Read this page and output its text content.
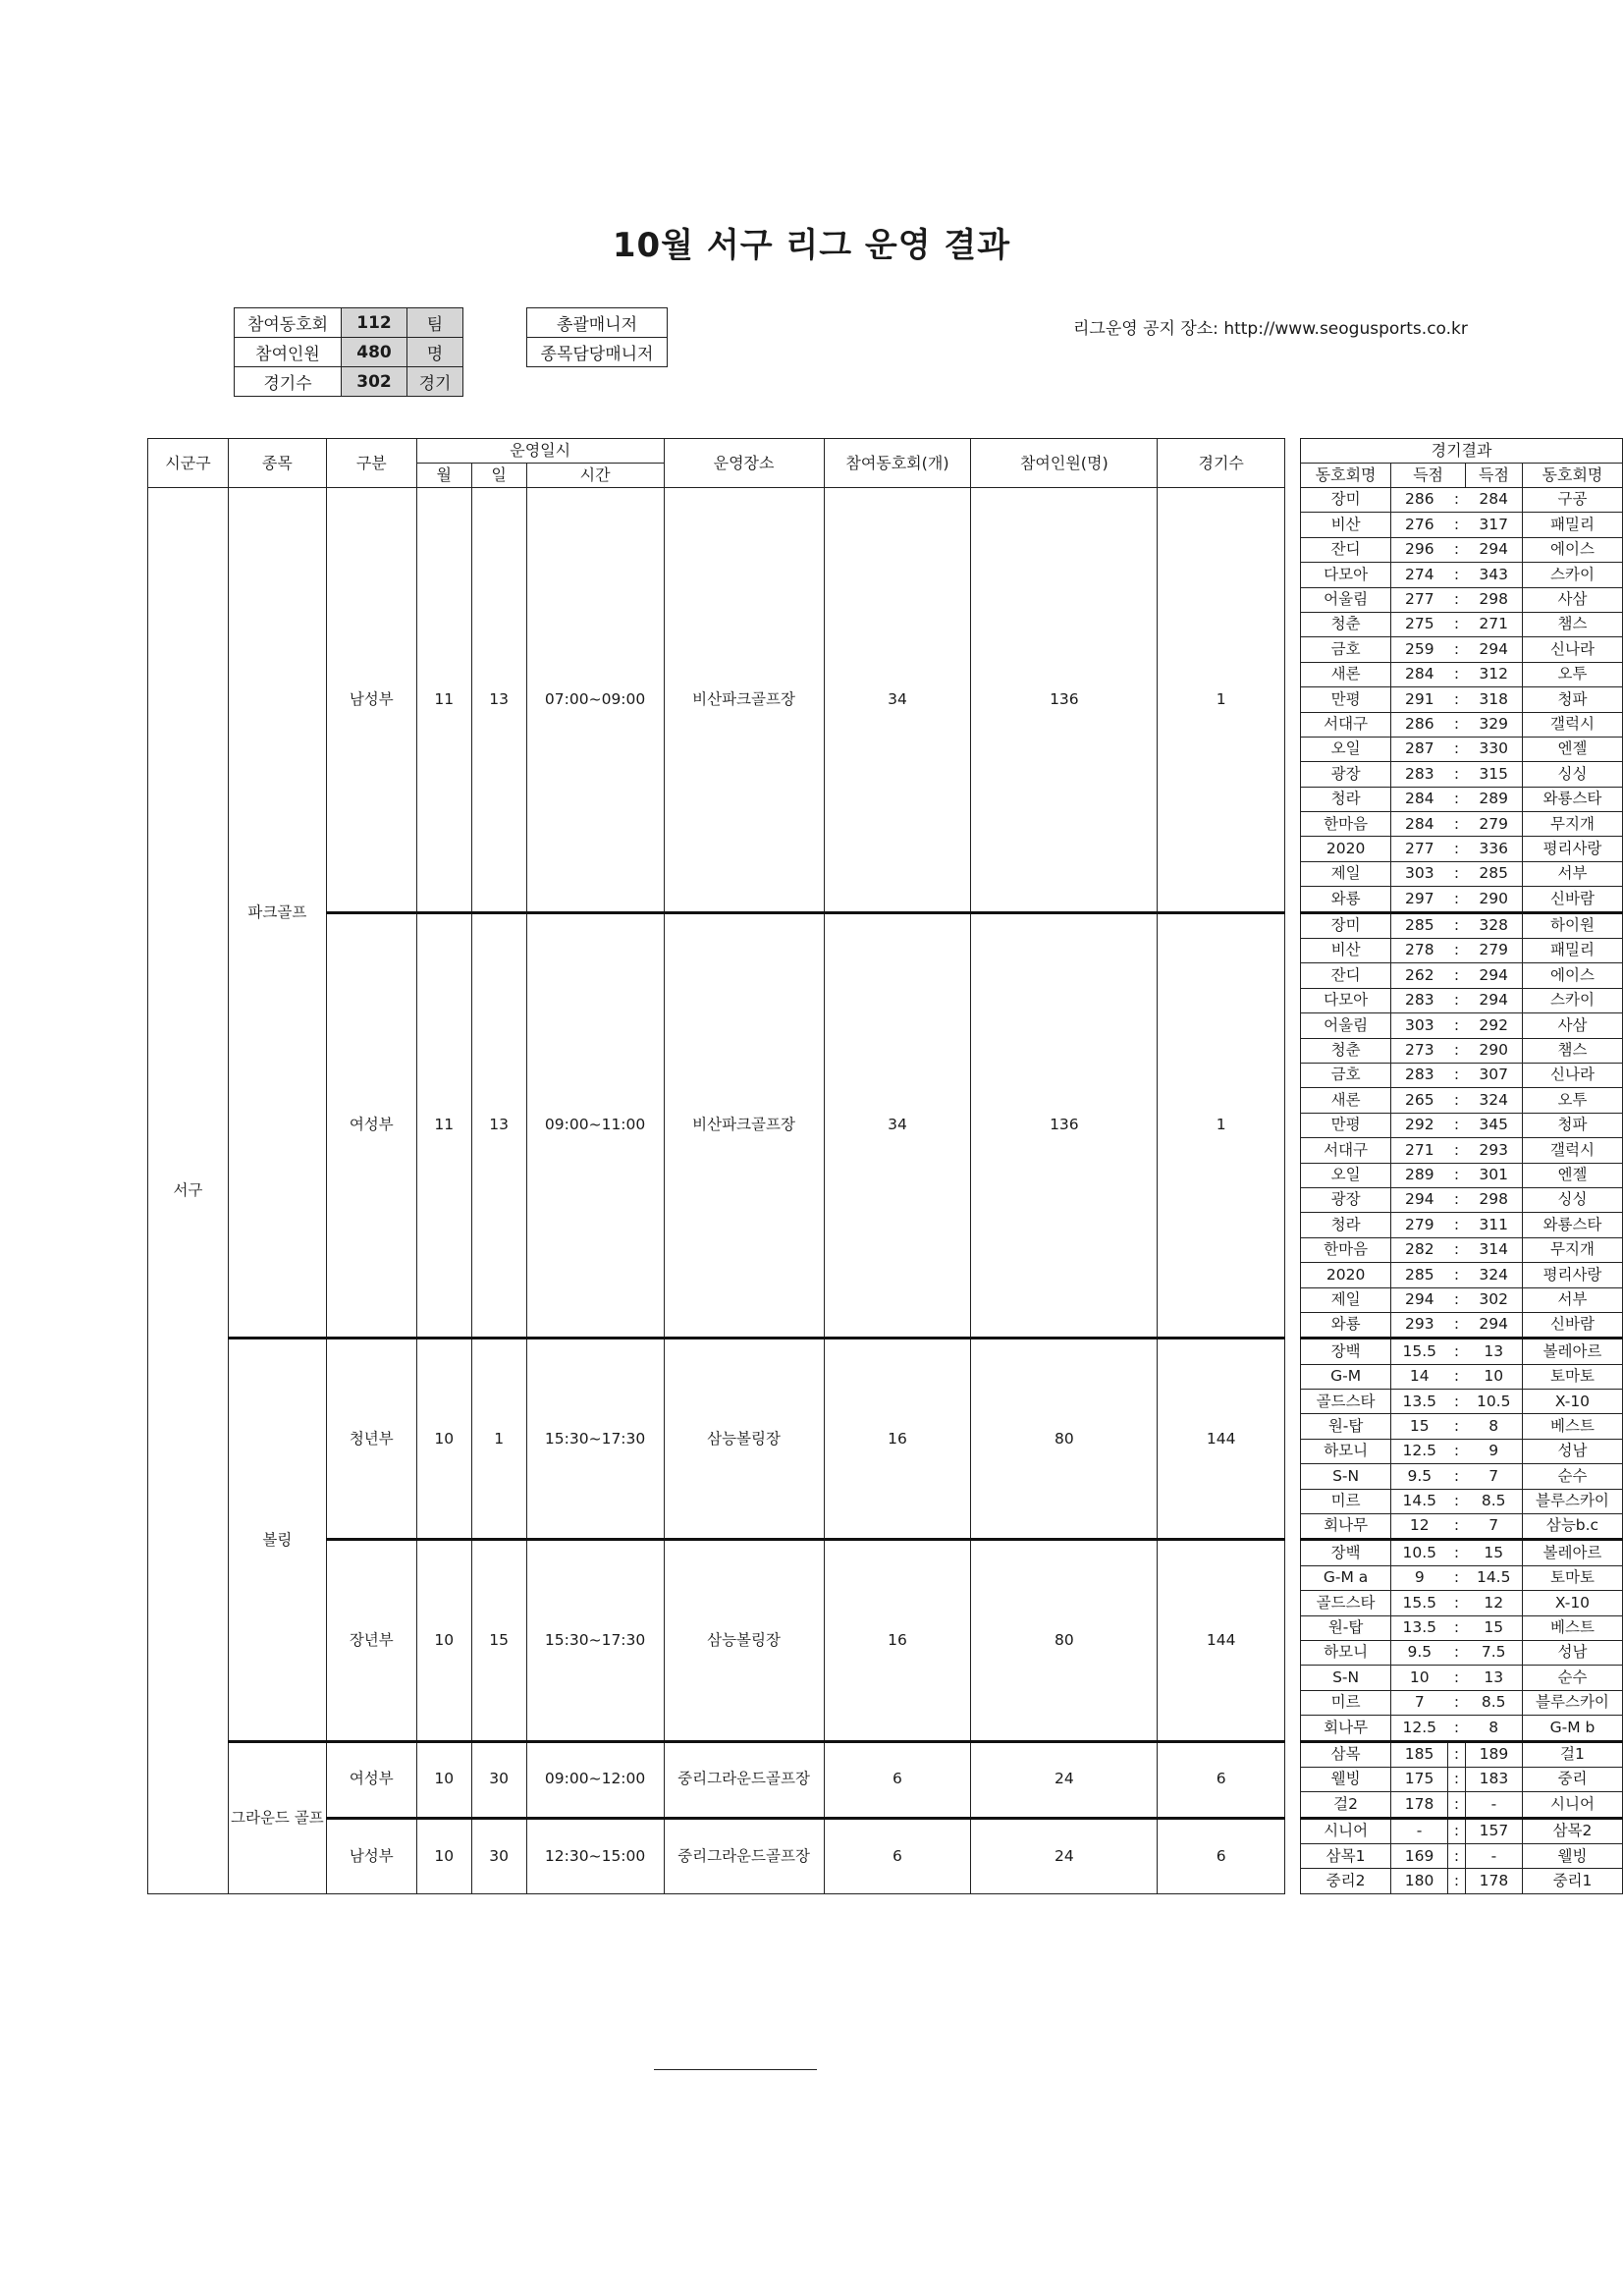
10월 서구 리그 운영 결과
참여동호회	112	팀
참여인원	480	명
경기수	302	경기
총괄매니저
종목담당매니저
리그운영 공지 장소: http://www.seogusports.co.kr
시군구	종목	구분	운영일시			운영장소	참여동호회(개)	참여인원(명)	경기수		경기결과				
			월	일	시간						동호회명	득점		득점	동호회명
서구	파크골프	남성부	11	13	07:00~09:00	비산파크골프장	34	136	1		장미	286	:	284	구공
											비산	276	:	317	패밀리
											잔디	296	:	294	에이스
											다모아	274	:	343	스카이
											어울림	277	:	298	사삼
											청춘	275	:	271	챔스
											금호	259	:	294	신나라
											새론	284	:	312	오투
											만평	291	:	318	청파
											서대구	286	:	329	갤럭시
											오일	287	:	330	엔젤
											광장	283	:	315	싱싱
											청라	284	:	289	와룡스타
											한마음	284	:	279	무지개
											2020	277	:	336	평리사랑
											제일	303	:	285	서부
											와룡	297	:	290	신바람
		여성부	11	13	09:00~11:00	비산파크골프장	34	136	1		장미	285	:	328	하이원
											비산	278	:	279	패밀리
											잔디	262	:	294	에이스
											다모아	283	:	294	스카이
											어울림	303	:	292	사삼
											청춘	273	:	290	챔스
											금호	283	:	307	신나라
											새론	265	:	324	오투
											만평	292	:	345	청파
											서대구	271	:	293	갤럭시
											오일	289	:	301	엔젤
											광장	294	:	298	싱싱
											청라	279	:	311	와룡스타
											한마음	282	:	314	무지개
											2020	285	:	324	평리사랑
											제일	294	:	302	서부
											와룡	293	:	294	신바람
	볼링	청년부	10	1	15:30~17:30	삼능볼링장	16	80	144		장백	15.5	:	13	볼레아르
											G-M	14	:	10	토마토
											골드스타	13.5	:	10.5	X-10
											원-탑	15	:	8	베스트
											하모니	12.5	:	9	성남
											S-N	9.5	:	7	순수
											미르	14.5	:	8.5	블루스카이
											회나무	12	:	7	삼능b.c
		장년부	10	15	15:30~17:30	삼능볼링장	16	80	144		장백	10.5	:	15	볼레아르
											G-M a	9	:	14.5	토마토
											골드스타	15.5	:	12	X-10
											원-탑	13.5	:	15	베스트
											하모니	9.5	:	7.5	성남
											S-N	10	:	13	순수
											미르	7	:	8.5	블루스카이
											회나무	12.5	:	8	G-M b
	그라운드 골프	여성부	10	30	09:00~12:00	중리그라운드골프장	6	24	6		삼목	185	:	189	걸1
											웰빙	175	:	183	중리
											걸2	178	:	-	시니어
		남성부	10	30	12:30~15:00	중리그라운드골프장	6	24	6		시니어	-	:	157	삼목2
											삼목1	169	:	-	웰빙
											중리2	180	:	178	중리1
